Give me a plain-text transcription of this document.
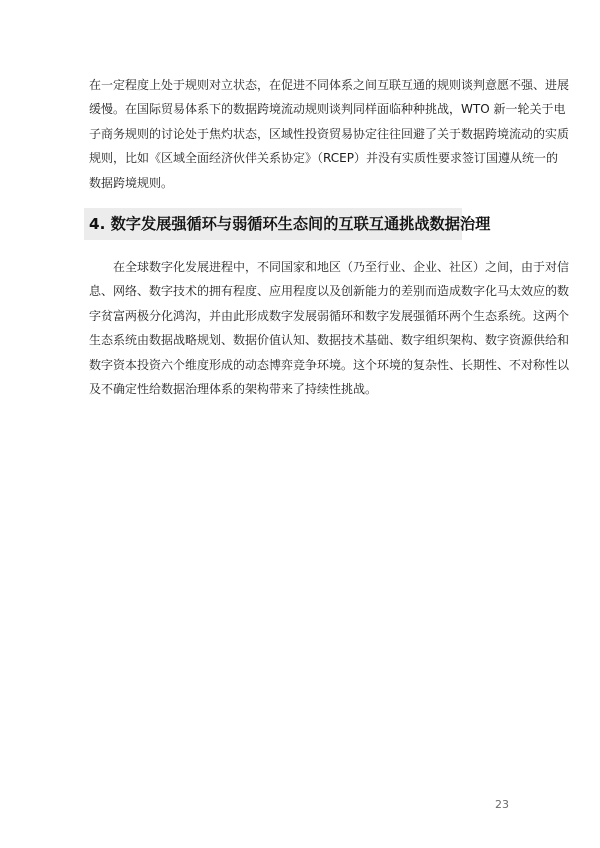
在一定程度上处于规则对立状态，在促进不同体系之间互联互通的规则谈判意愿不强、进展
缓慢。在国际贸易体系下的数据跨境流动规则谈判同样面临种种挑战，WTO 新一轮关于电
子商务规则的讨论处于焦灼状态，区域性投资贸易协定往往回避了关于数据跨境流动的实质
规则，比如《区域全面经济伙伴关系协定》（RCEP）并没有实质性要求签订国遵从统一的
数据跨境规则。

4. 数字发展强循环与弱循环生态间的互联互通挑战数据治理

　　在全球数字化发展进程中，不同国家和地区（乃至行业、企业、社区）之间，由于对信
息、网络、数字技术的拥有程度、应用程度以及创新能力的差别而造成数字化马太效应的数
字贫富两极分化鸿沟，并由此形成数字发展弱循环和数字发展强循环两个生态系统。这两个
生态系统由数据战略规划、数据价值认知、数据技术基础、数字组织架构、数字资源供给和
数字资本投资六个维度形成的动态博弈竞争环境。这个环境的复杂性、长期性、不对称性以
及不确定性给数据治理体系的架构带来了持续性挑战。

23
